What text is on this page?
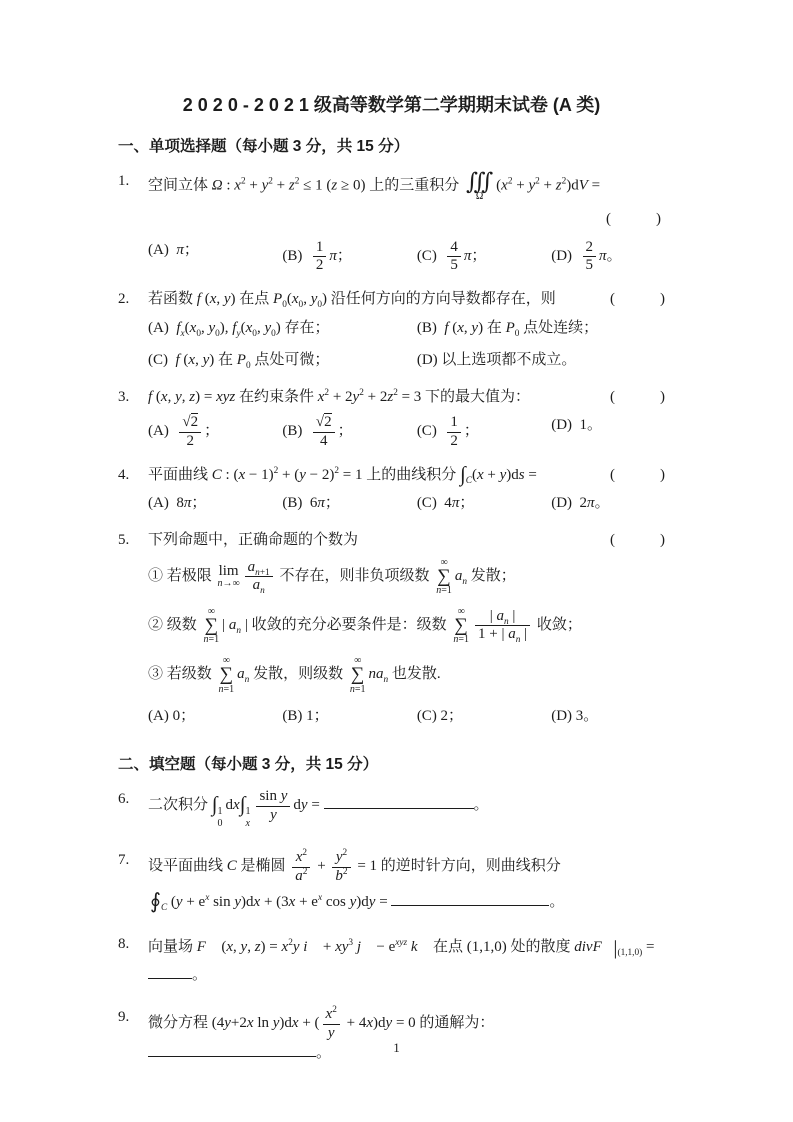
2 0 2 0 - 2 0 2 1 级高等数学第二学期期末试卷 (A 类)
一、单项选择题（每小题 3 分，共 15 分）
1.	空间立体 Ω : $x^2 + y^2 + z^2 \le 1$ (z ≥ 0) 上的三重积分 ∭
Ω
$(x^2 + y^2 + z^2)dV$ =
(　　　)
(A)  π；	$(B) \frac{1}{2}$ π；	$(C) \frac{4}{5}$ π；	$(D) \frac{2}{5}$ π。
2.	若函数 f (x, y) 在点 $P_0(x_0$, $y_0$) 沿任何方向的方向导数都存在，则	(　　　)
(A)  $f_x(x_0$, $y_0$), $f_y(x_0$, $y_0$) 存在；	(B)  f (x, y) 在 $P_0$ 点处连续；
(C)  f (x, y) 在 $P_0$ 点处可微；	(D) 以上选项都不成立。
3.	f (x, y, z) = xyz 在约束条件 $x^2 + 2y^2 + 2z^2 = 3$ 下的最大值为：	(　　　)
$(A) \frac{√2}{2}$ ；	$(B) \frac{√2}{4}$ ；	$(C) \frac{1}{2}$ ；	(D)  1。
4.	平面曲线 C : $(x - 1)^2 + (y - 2)^2 = 1$ 上的曲线积分 $\int_C(x + y)ds$ =	(　　　)
(A)  8π；	(B)  6π；	(C)  4π；	(D)  2π。
5.	下列命题中，正确命题的个数为	(　　　)
① 若极限 lim
$n\to\infty \frac{a_{n+1}}{a_n}$ 不存在，则非负项级数
∞
∑
n=1
$a_n$ 发散；
② 级数
∞
∑
n=1
| $a_n$ | 收敛的充分必要条件是：级数
∞
∑
$n=1 \frac{| a_n |}{1 + | a_n |}$ 收敛；
③ 若级数
∞
∑
n=1
$a_n$ 发散，则级数
∞
∑
n=1
$na_n$ 也发散.
(A) 0；	(B) 1；	(C) 2；	(D) 3。
二、填空题（每小题 3 分，共 15 分）
6.	二次积分 ∫ 1
0
dx∫ 1
x $\frac{\text{sin y}}{y}$ dy =	。
7.	设平面曲线 C 是椭圆 $\frac{x^2}{a^2} + \frac{y^2}{b^2} = 1$ 的逆时针方向，则曲线积分
$∮_C$ ($y + e^x$ $\sin y)dx + (3x + e^x$ cos y)dy =	。
8.	向量场 F⃗ (x, y, $z) = x^2y$ i⃗ + $xy^3$ j⃗ − $e^{xyz}$ k⃗ 在点 (1,1,0) 处的散度 $divF⃗|_{(1,1,0)}$ = 。
9.	微分方程 (4y+2x ln y)dx + ( $\frac{x^2}{y} + 4x)dy = 0$ 的通解为： 。	1
